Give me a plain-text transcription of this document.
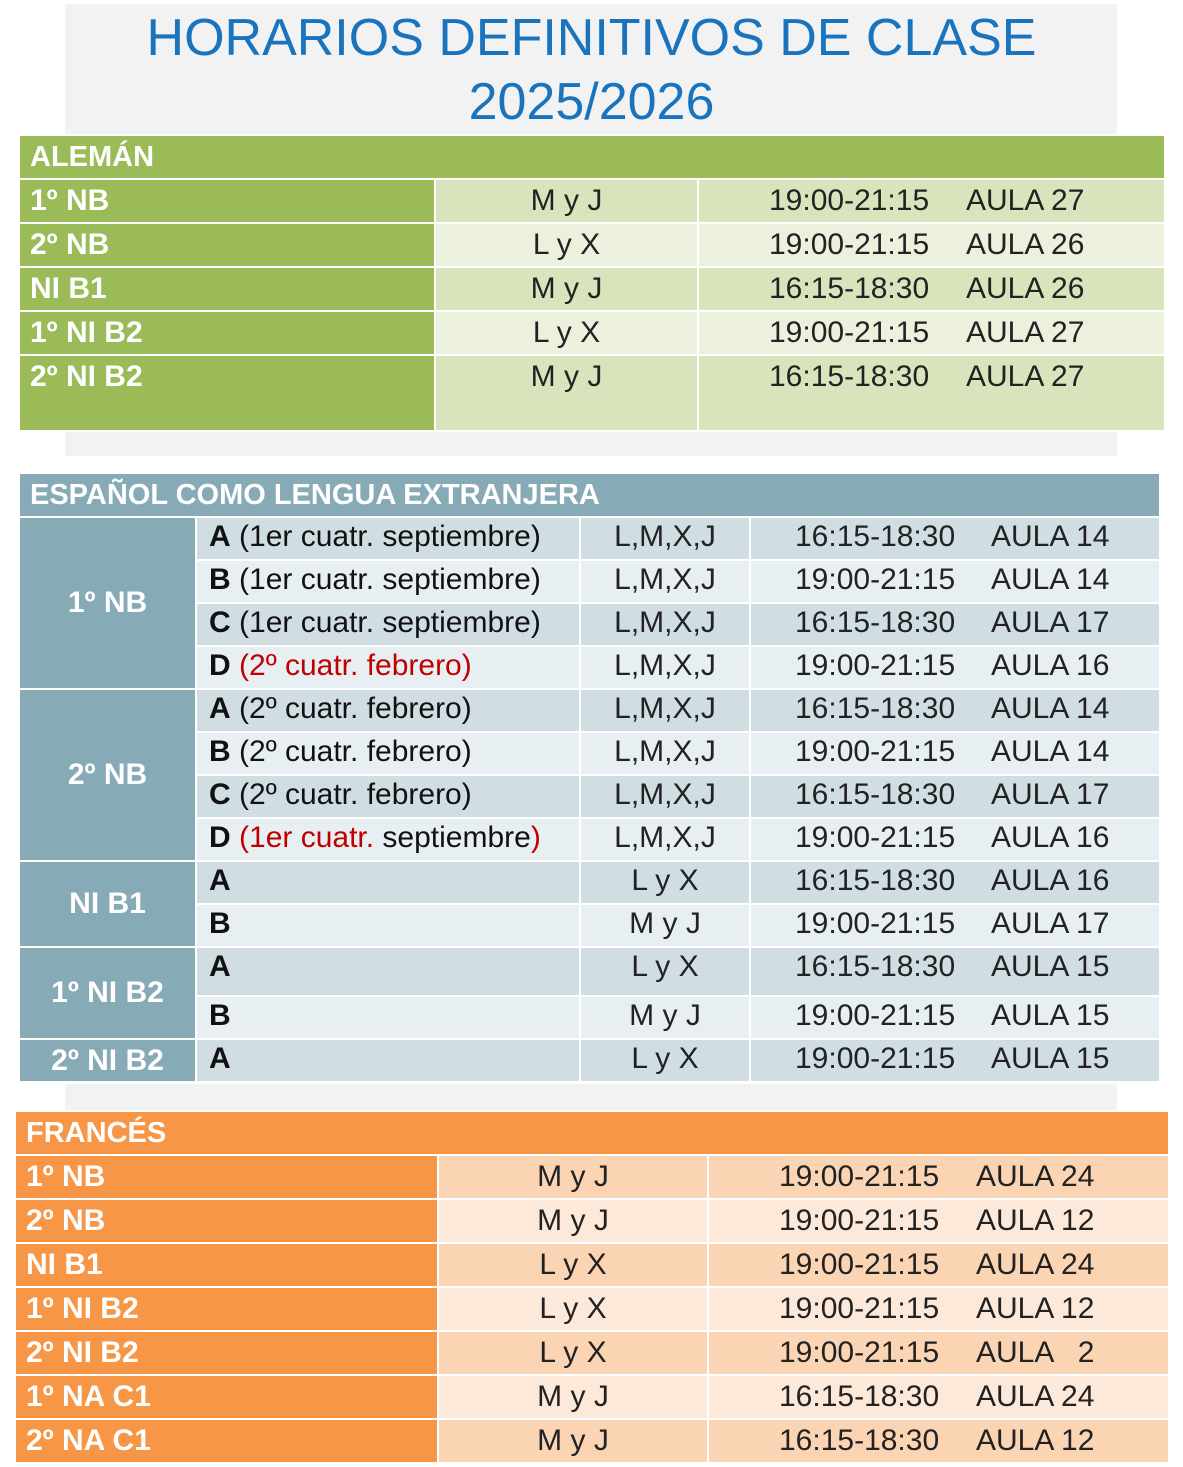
HORARIOS DEFINITIVOS DE CLASE
2025/2026
ALEMÁN		
1º NB	M y J	19:00-21:15 AULA 27
2º NB	L y X	19:00-21:15 AULA 26
NI B1	M y J	16:15-18:30 AULA 26
1º NI B2	L y X	19:00-21:15 AULA 27
2º NI B2	M y J	16:15-18:30 AULA 27
ESPAÑOL COMO LENGUA EXTRANJERA			
1º NB	A (1er cuatr. septiembre)	L,M,X,J	16:15-18:30 AULA 14
	B (1er cuatr. septiembre)	L,M,X,J	19:00-21:15 AULA 14
	C (1er cuatr. septiembre)	L,M,X,J	16:15-18:30 AULA 17
	D (2º cuatr. febrero)	L,M,X,J	19:00-21:15 AULA 16
2º NB	A (2º cuatr. febrero)	L,M,X,J	16:15-18:30 AULA 14
	B (2º cuatr. febrero)	L,M,X,J	19:00-21:15 AULA 14
	C (2º cuatr. febrero)	L,M,X,J	16:15-18:30 AULA 17
	D (1er cuatr. septiembre)	L,M,X,J	19:00-21:15 AULA 16
NI B1	A	L y X	16:15-18:30 AULA 16
	B	M y J	19:00-21:15 AULA 17
1º NI B2	A	L y X	16:15-18:30 AULA 15
	B	M y J	19:00-21:15 AULA 15
2º NI B2	A	L y X	19:00-21:15 AULA 15
FRANCÉS		
1º NB	M y J	19:00-21:15 AULA 24
2º NB	M y J	19:00-21:15 AULA 12
NI B1	L y X	19:00-21:15 AULA 24
1º NI B2	L y X	19:00-21:15 AULA 12
2º NI B2	L y X	19:00-21:15 AULA   2
1º NA C1	M y J	16:15-18:30 AULA 24
2º NA C1	M y J	16:15-18:30 AULA 12
